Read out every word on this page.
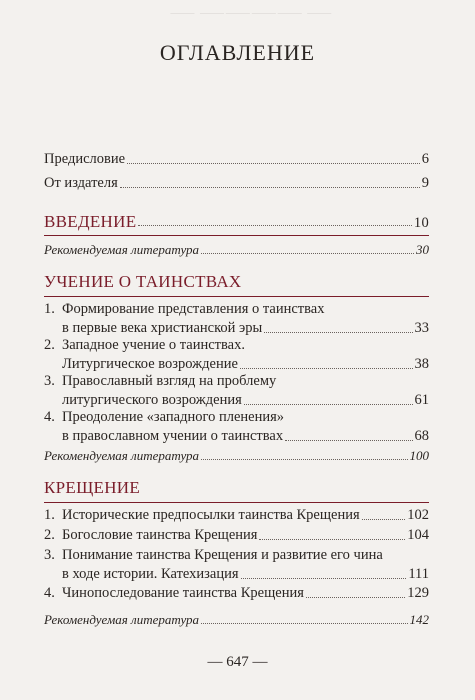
⸻ ⸻⸻⸻⸻ ⸻
ОГЛАВЛЕНИЕ
Предисловие	6
От издателя	9
ВВЕДЕНИЕ	10
Рекомендуемая литература	30
УЧЕНИЕ О ТАИНСТВАХ
1. Формирование представления о таинствах
в первые века христианской эры	33
2. Западное учение о таинствах.
Литургическое возрождение	38
3. Православный взгляд на проблему
литургического возрождения	61
4. Преодоление «западного пленения»
в православном учении о таинствах	68
Рекомендуемая литература	100
КРЕЩЕНИЕ
1. Исторические предпосылки таинства Крещения	102
2. Богословие таинства Крещения	104
3. Понимание таинства Крещения и развитие его чина
в ходе истории. Катехизация	111
4. Чинопоследование таинства Крещения	129
Рекомендуемая литература	142
— 647 —
